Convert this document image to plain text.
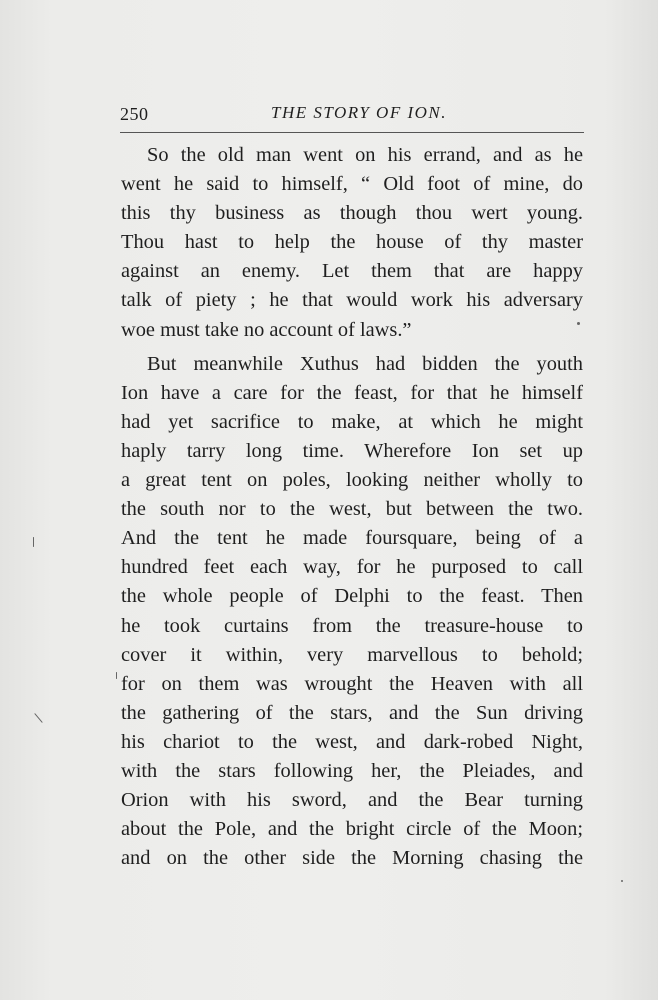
250	THE STORY OF ION.
So the old man went on his errand, and as he
went he said to himself, “ Old foot of mine, do
this thy business as though thou wert young.
Thou hast to help the house of thy master
against an enemy. Let them that are happy
talk of piety ; he that would work his adversary
woe must take no account of laws.”
But meanwhile Xuthus had bidden the youth
Ion have a care for the feast, for that he himself
had yet sacrifice to make, at which he might
haply tarry long time. Wherefore Ion set up
a great tent on poles, looking neither wholly to
the south nor to the west, but between the two.
And the tent he made foursquare, being of a
hundred feet each way, for he purposed to call
the whole people of Delphi to the feast. Then
he took curtains from the treasure-house to
cover it within, very marvellous to behold;
for on them was wrought the Heaven with all
the gathering of the stars, and the Sun driving
his chariot to the west, and dark-robed Night,
with the stars following her, the Pleiades, and
Orion with his sword, and the Bear turning
about the Pole, and the bright circle of the Moon;
and on the other side the Morning chasing the
